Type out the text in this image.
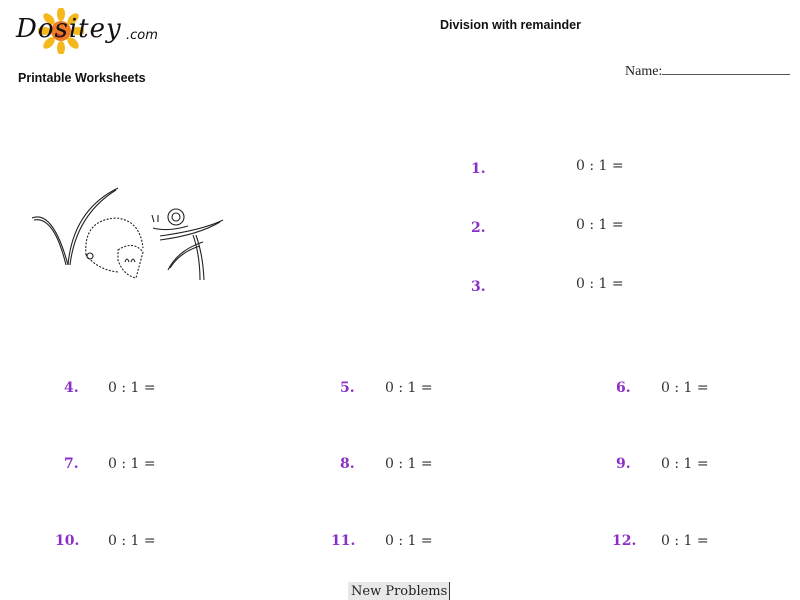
Dositey .com
Printable Worksheets
Division with remainder
Name:
1.	0 : 1 =
2.	0 : 1 =
3.	0 : 1 =
4. 0 : 1 =	5. 0 : 1 =	6. 0 : 1 =
7. 0 : 1 =	8. 0 : 1 =	9. 0 : 1 =
10. 0 : 1 =	11. 0 : 1 =	12. 0 : 1 =
New Problems
